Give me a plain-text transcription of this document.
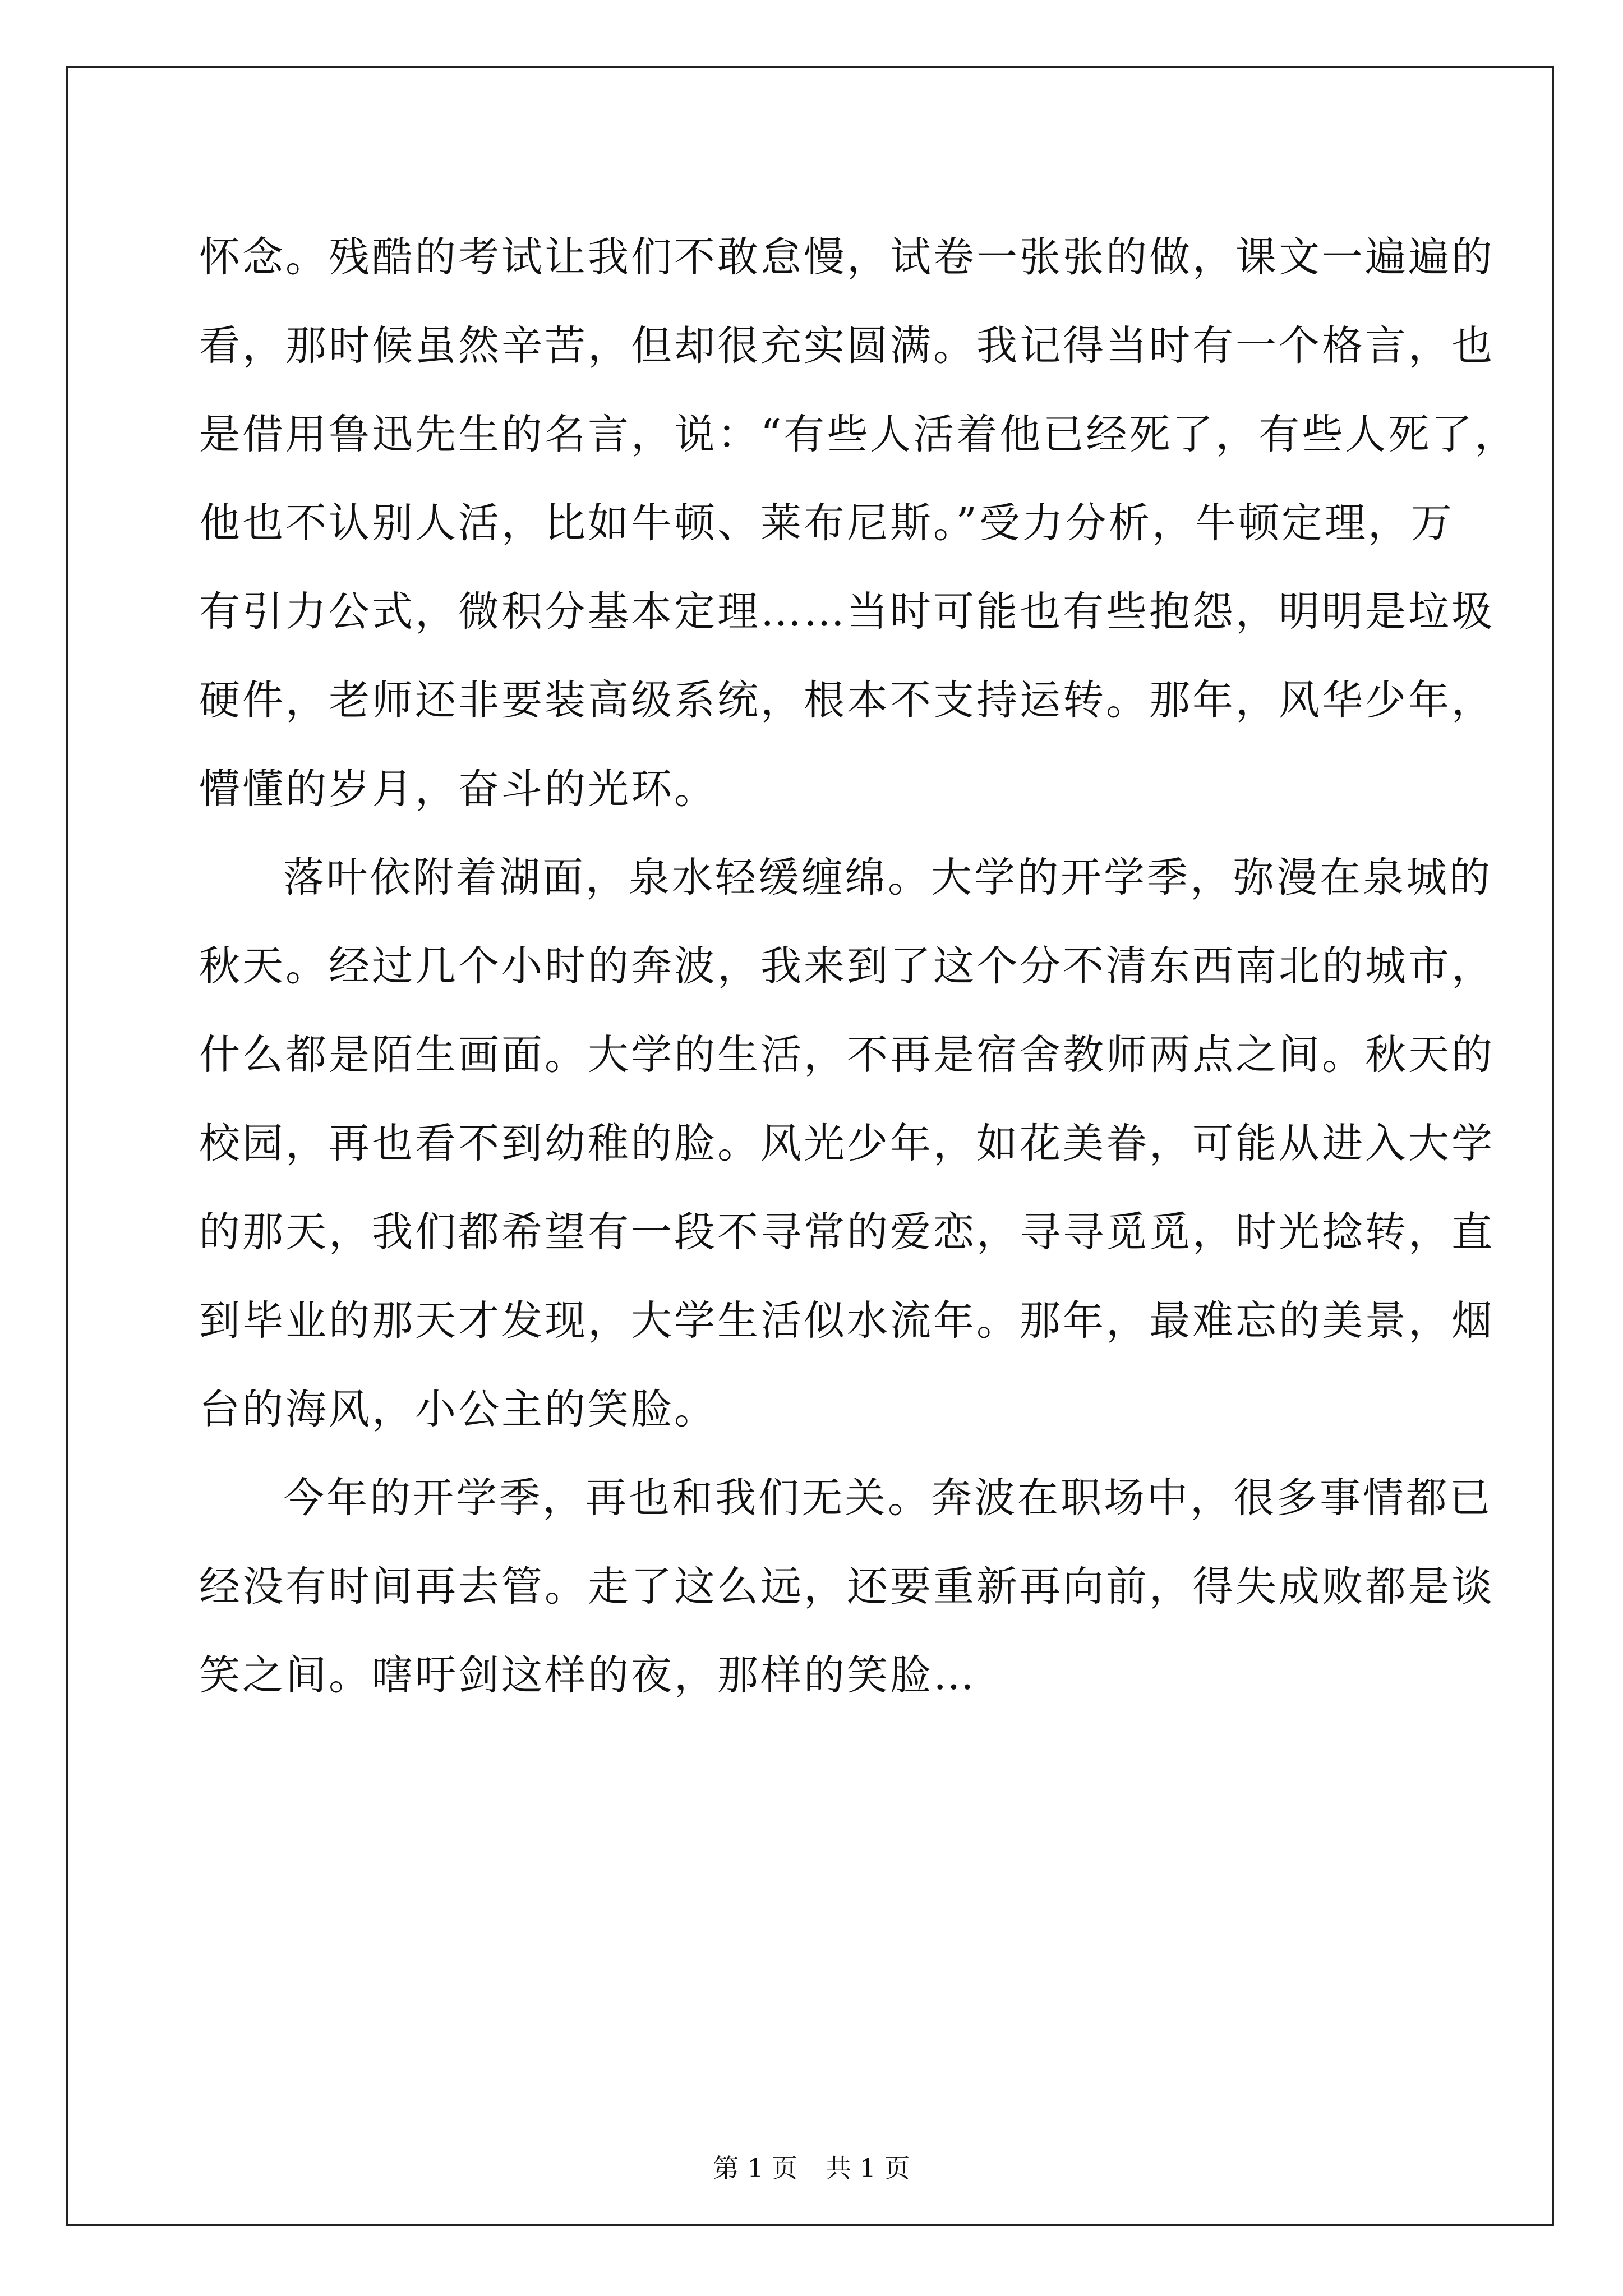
怀念。残酷的考试让我们不敢怠慢，试卷一张张的做，课文一遍遍的
看，那时候虽然辛苦，但却很充实圆满。我记得当时有一个格言，也
是借用鲁迅先生的名言，说：“有些人活着他已经死了，有些人死了，
他也不认别人活，比如牛顿、莱布尼斯。”受力分析，牛顿定理，万
有引力公式，微积分基本定理……当时可能也有些抱怨，明明是垃圾
硬件，老师还非要装高级系统，根本不支持运转。那年，风华少年，
懵懂的岁月，奋斗的光环。

落叶依附着湖面，泉水轻缓缠绵。大学的开学季，弥漫在泉城的
秋天。经过几个小时的奔波，我来到了这个分不清东西南北的城市，
什么都是陌生画面。大学的生活，不再是宿舍教师两点之间。秋天的
校园，再也看不到幼稚的脸。风光少年，如花美眷，可能从进入大学
的那天，我们都希望有一段不寻常的爱恋，寻寻觅觅，时光捻转，直
到毕业的那天才发现，大学生活似水流年。那年，最难忘的美景，烟
台的海风，小公主的笑脸。

今年的开学季，再也和我们无关。奔波在职场中，很多事情都已
经没有时间再去管。走了这么远，还要重新再向前，得失成败都是谈
笑之间。嗐吁剑这样的夜，那样的笑脸…

第 1 页 共 1 页
